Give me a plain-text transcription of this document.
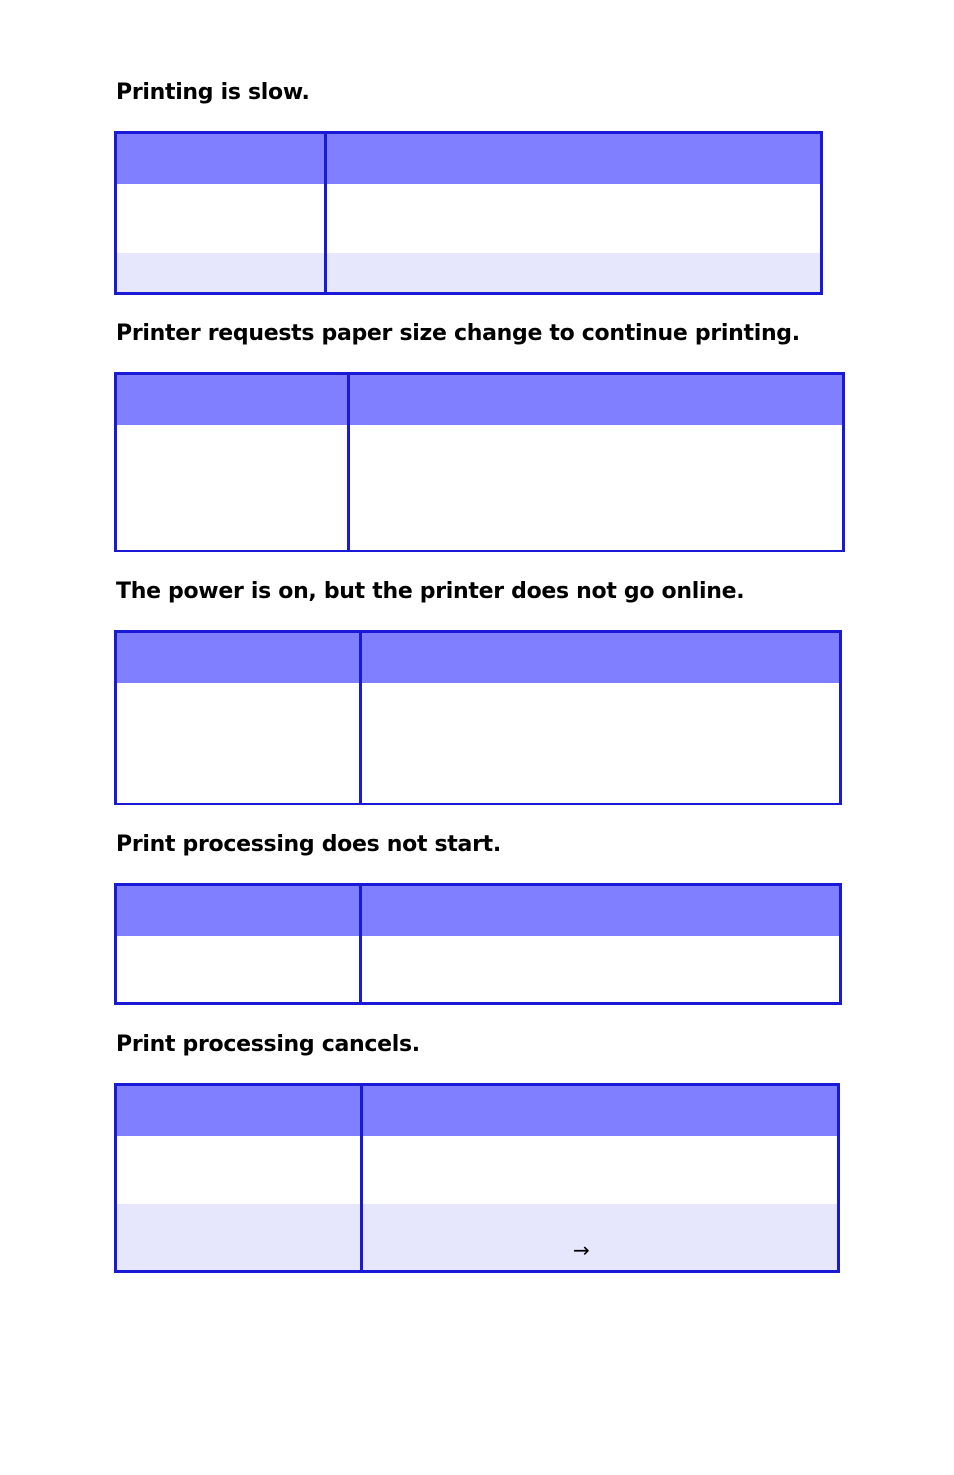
Printing is slow.
Printer requests paper size change to continue printing.
The power is on, but the printer does not go online.
Print processing does not start.
Print processing cancels.
→
